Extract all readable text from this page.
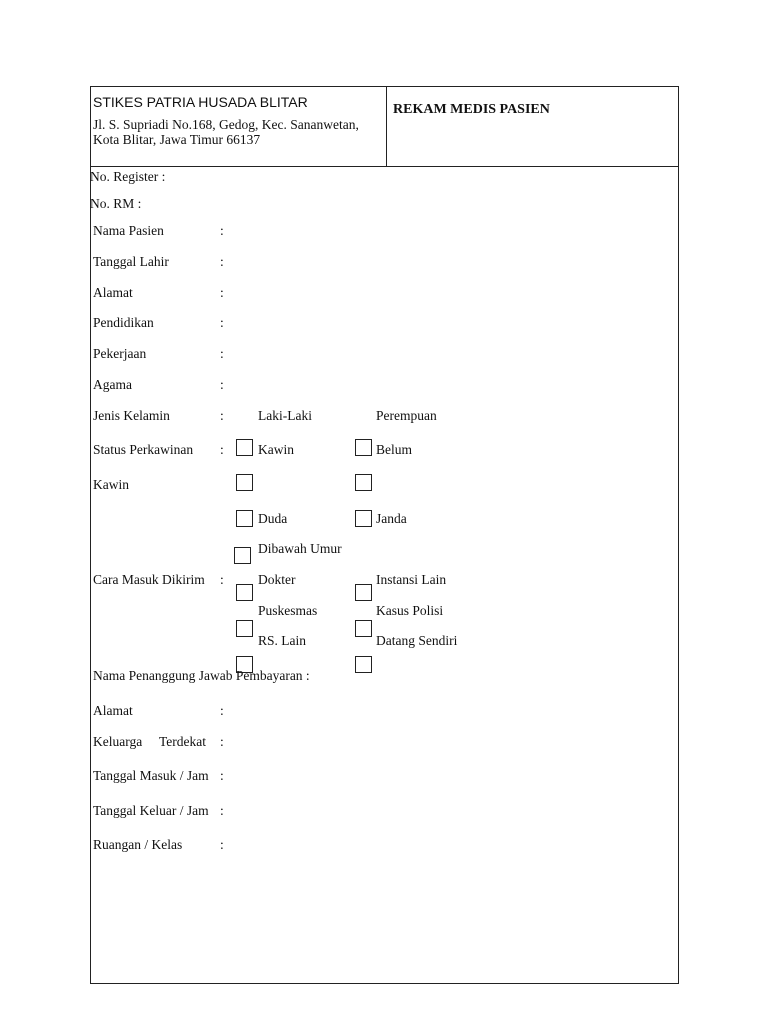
STIKES PATRIA HUSADA BLITAR
Jl. S. Supriadi No.168, Gedog, Kec. Sananwetan,
Kota Blitar, Jawa Timur 66137
REKAM MEDIS PASIEN
No. Register :
No. RM :
Nama Pasien	:
Tanggal Lahir	:
Alamat	:
Pendidikan	:
Pekerjaan	:
Agama	:
Jenis Kelamin	:	Laki-Laki	Perempuan
Status Perkawinan :	Kawin	Belum
Kawin
Duda	Janda
Dibawah Umur
Cara Masuk Dikirim :	Dokter	Instansi Lain
Puskesmas	Kasus Polisi
RS. Lain	Datang Sendiri
Nama Penanggung Jawab Pembayaran :
Alamat	:
Keluarga Terdekat :
Tanggal Masuk / Jam :
Tanggal Keluar / Jam :
Ruangan / Kelas	:
